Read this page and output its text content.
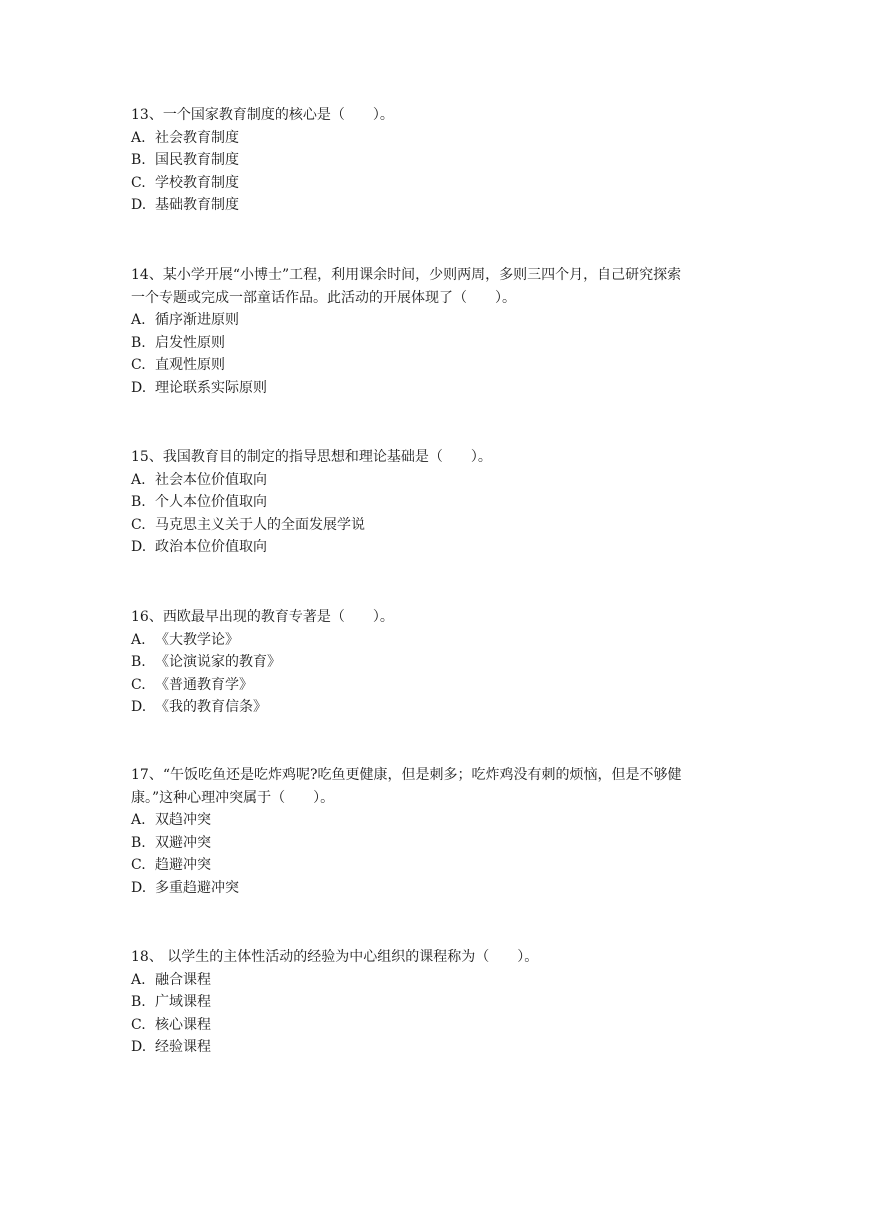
13、一个国家教育制度的核心是（　　）。

A. 社会教育制度
B. 国民教育制度
C. 学校教育制度
D. 基础教育制度

14、某小学开展“小博士”工程，利用课余时间，少则两周，多则三四个月，自己研究探索
一个专题或完成一部童话作品。此活动的开展体现了（　　）。

A. 循序渐进原则
B. 启发性原则
C. 直观性原则
D. 理论联系实际原则

15、我国教育目的制定的指导思想和理论基础是（　　）。

A. 社会本位价值取向
B. 个人本位价值取向
C. 马克思主义关于人的全面发展学说
D. 政治本位价值取向

16、西欧最早出现的教育专著是（　　）。

A. 《大教学论》
B. 《论演说家的教育》
C. 《普通教育学》
D. 《我的教育信条》

17、“午饭吃鱼还是吃炸鸡呢?吃鱼更健康，但是刺多；吃炸鸡没有刺的烦恼，但是不够健
康。”这种心理冲突属于（　　）。

A. 双趋冲突
B. 双避冲突
C. 趋避冲突
D. 多重趋避冲突

18、 以学生的主体性活动的经验为中心组织的课程称为（　　）。

A. 融合课程
B. 广域课程
C. 核心课程
D. 经验课程
